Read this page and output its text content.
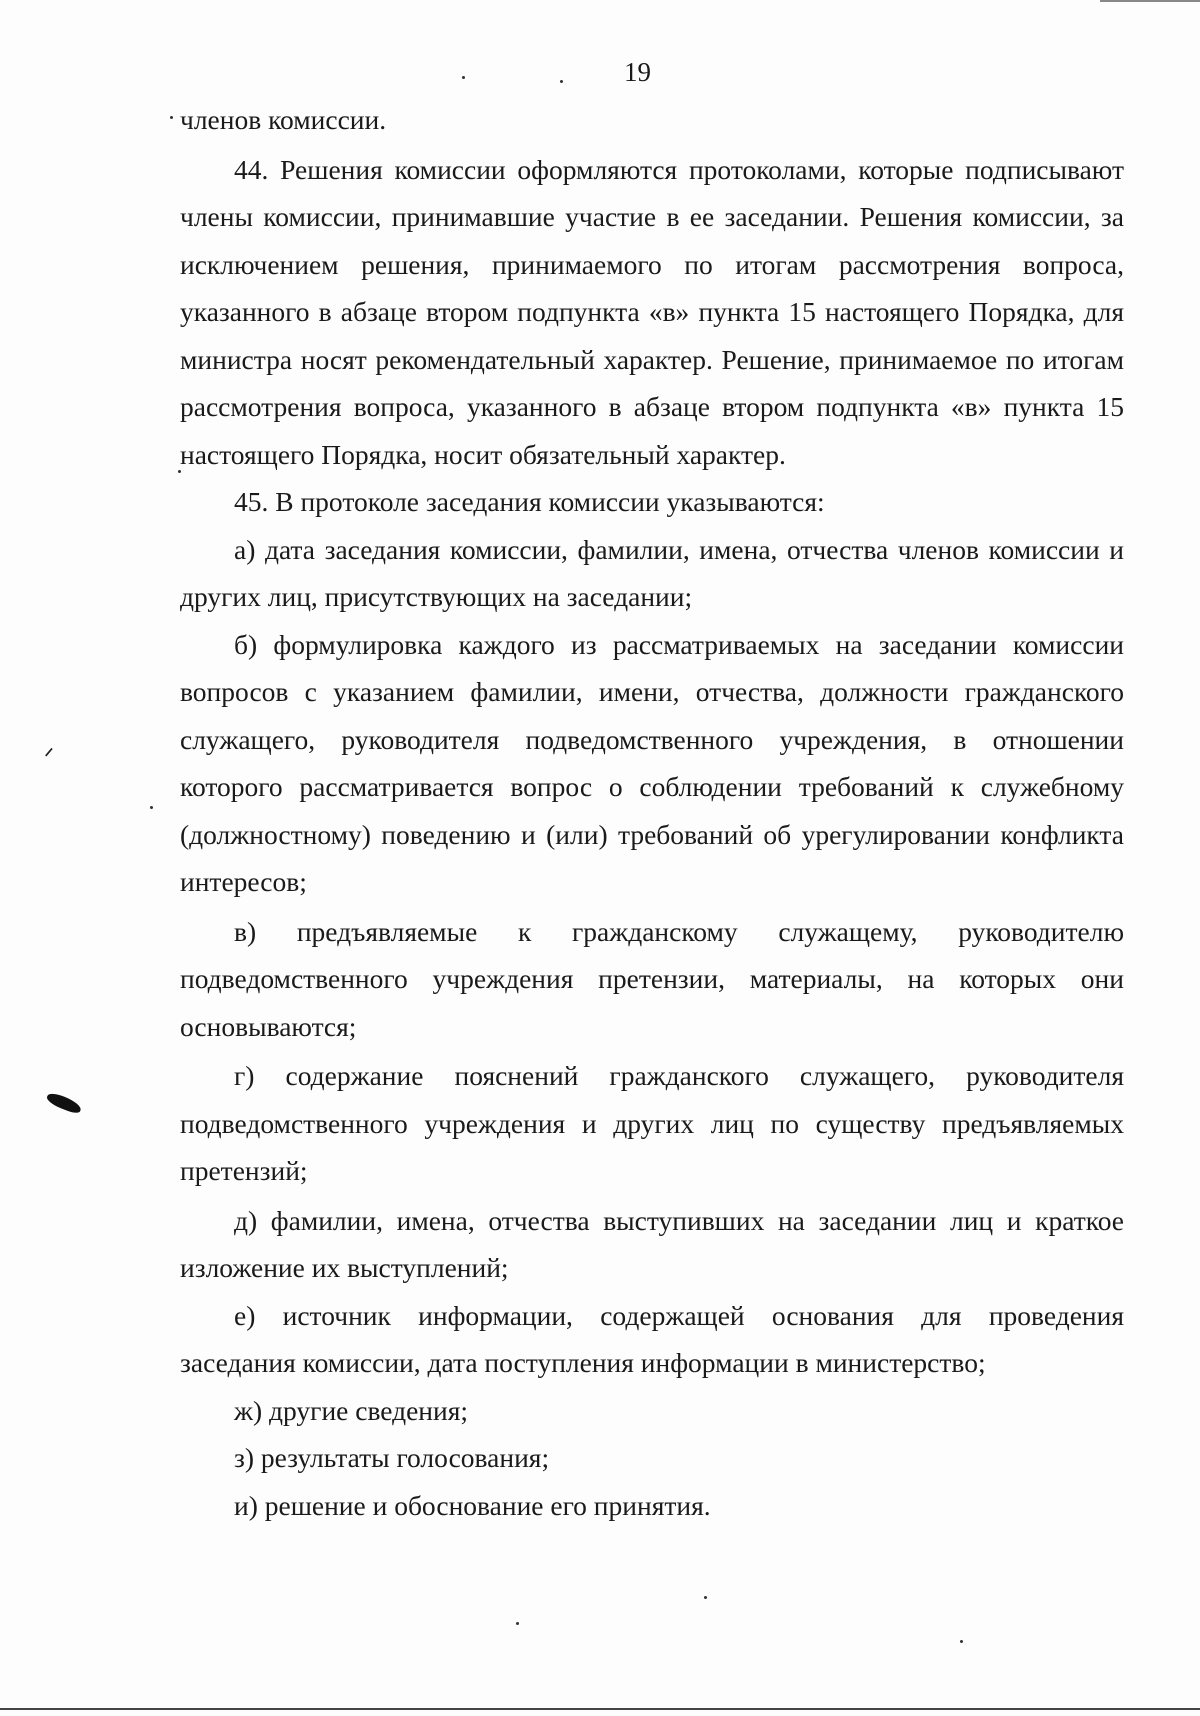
19

членов комиссии.

44. Решения комиссии оформляются протоколами, которые подписывают члены комиссии, принимавшие участие в ее заседании. Решения комиссии, за исключением решения, принимаемого по итогам рассмотрения вопроса, указанного в абзаце втором подпункта «в» пункта 15 настоящего Порядка, для министра носят рекомендательный характер. Решение, принимаемое по итогам рассмотрения вопроса, указанного в абзаце втором подпункта «в» пункта 15 настоящего Порядка, носит обязательный характер.

45. В протоколе заседания комиссии указываются:

а) дата заседания комиссии, фамилии, имена, отчества членов комиссии и других лиц, присутствующих на заседании;

б) формулировка каждого из рассматриваемых на заседании комиссии вопросов с указанием фамилии, имени, отчества, должности гражданского служащего, руководителя подведомственного учреждения, в отношении которого рассматривается вопрос о соблюдении требований к служебному (должностному) поведению и (или) требований об урегулировании конфликта интересов;

в) предъявляемые к гражданскому служащему, руководителю подведомственного учреждения претензии, материалы, на которых они основываются;

г) содержание пояснений гражданского служащего, руководителя подведомственного учреждения и других лиц по существу предъявляемых претензий;

д) фамилии, имена, отчества выступивших на заседании лиц и краткое изложение их выступлений;

е) источник информации, содержащей основания для проведения заседания комиссии, дата поступления информации в министерство;

ж) другие сведения;

з) результаты голосования;

и) решение и обоснование его принятия.

ᐟ
